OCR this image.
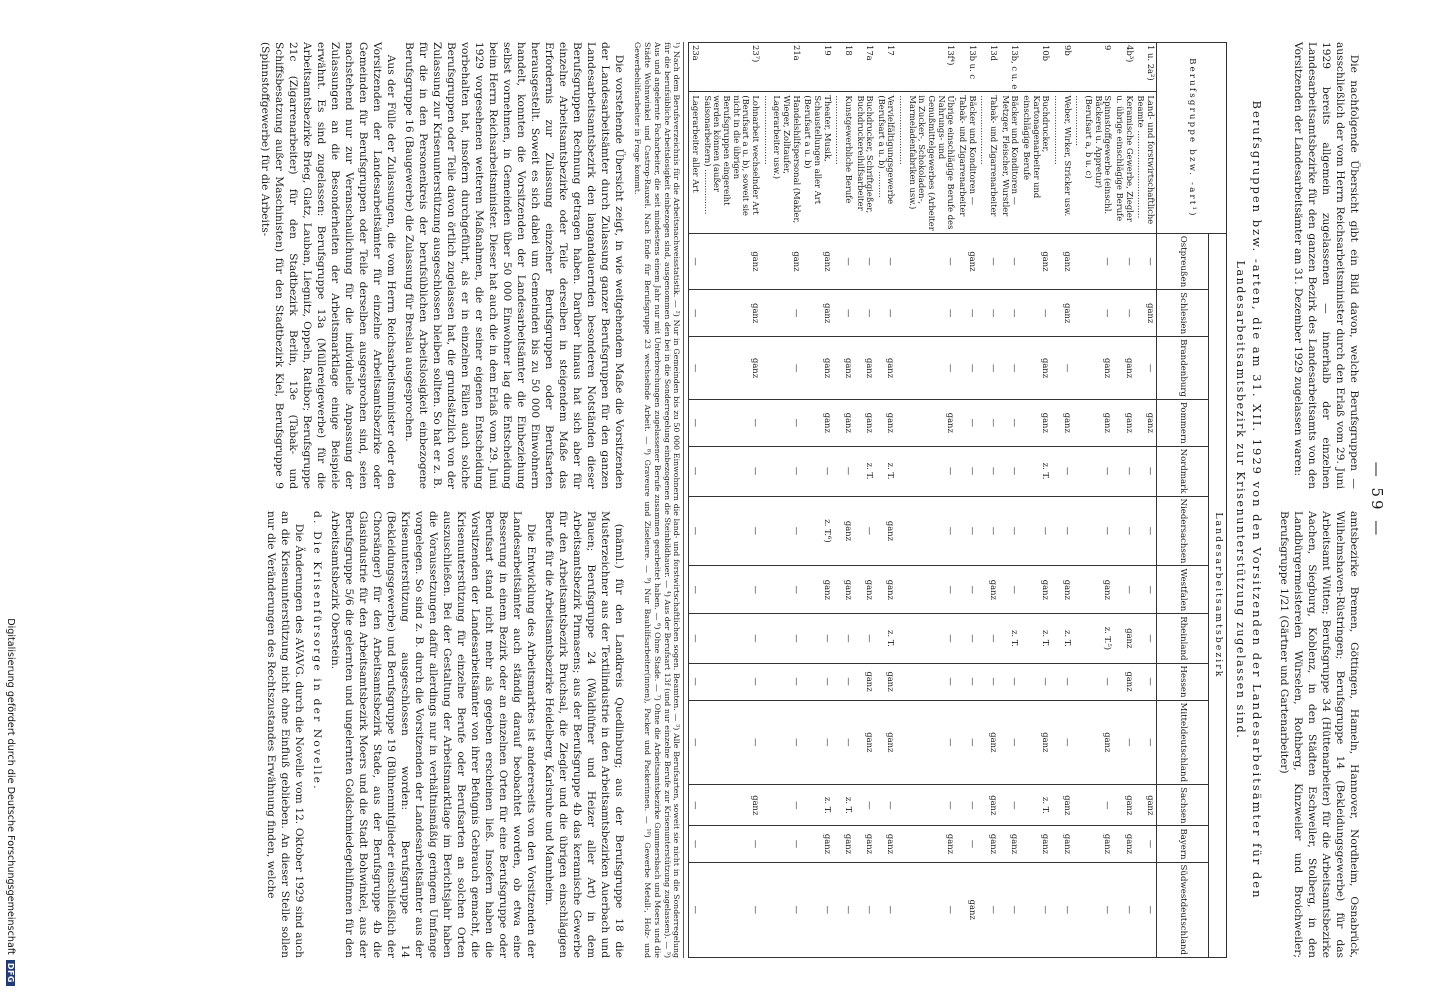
— 59 —

Die nachfolgende Übersicht gibt ein Bild davon, welche Berufsgruppen — ausschließlich der vom Herrn Reichsarbeitsminister durch den Erlaß vom 29. Juni 1929 bereits allgemein zugelassenen — innerhalb der einzelnen Landesarbeitsamtsbezirke für den ganzen Bezirk des Landesarbeitsamts von den Vorsitzenden der Landesarbeitsämter am 31. Dezember 1929 zugelassen waren:

amtsbezirke Bremen, Göttingen, Hameln, Hannover, Nordheim, Osnabrück, Wilhelmshaven-Rüstringen; Berufsgruppe 14 (Bekleidungsgewerbe) für das Arbeitsamt Witten; Berufsgruppe 34 (Hüttenarbeiter) für die Arbeitsamtsbezirke Aachen, Siegburg, Koblenz, in den Städten Eschweiler, Stolberg, in den Landbürgermeistereien Würselen, Rothberg, Kinzweiler und Broichweiler; Berufsgruppe 1/21 (Gärtner und Gartenarbeiter)

Berufsgruppen bzw. -arten, die am 31. XII. 1929 von den Vorsitzenden der Landesarbeitsämter für den
Landesarbeitsamtsbezirk zur Krisenunterstützung zugelassen sind.
Berufsgruppe bzw. -art¹)		Landesarbeitsamtsbezirk												
		Ostpreußen	Schlesien	Brandenburg	Pommern	Nordmark	Niedersachsen	Westfalen	Rheinland	Hessen	Mitteldeutschland	Sachsen	Bayern	Südwestdeutschland
1 u. 2a²)	Land- und forstwirtschaftliche Beamte .................................	—	ganz	—	ganz	—	—	—	—	—	—	ganz	—	—
4b³)	Keramische Gewerbe, Ziegler u. übrige einschlägige Berufe	—	—	ganz	ganz	—	—	—	ganz	ganz	—	ganz	ganz	—
9	Spinnstoffgewerbe (einschl. Bäckerei u. Appretur) (Berufsart a, b u. c) ...................	—	—	ganz	ganz	—	—	ganz	z. T.⁵)	—	ganz	—	ganz	—
9b	Weber, Wirker, Stricker usw. ..........................	ganz	ganz	—	ganz	—	—	ganz	z. T.	—	—	ganz	ganz	—
10b	Buchdrucker, Kartonagenarbeiter und einschlägige Berufe	ganz	—	ganz	ganz	z. T.	—	ganz	z. T.	—	ganz	z. T.	ganz	—
13b, c u. e	Bäcker und Konditoren — Metzger, Fleischer, Wurstler	—	—	—	—	—	—	—	z. T.	—	—	—	ganz	—
13d	Tabak- und Zigarrenarbeiter ..........................	—	—	—	—	—	—	ganz	—	—	ganz	ganz	ganz	—
13b u. c	Bäcker und Konditoren — Tabak- und Zigarrenarbeiter	ganz	—	—	—	—	—	—	—	—	—	—	—	ganz
13f⁴)	Übrige einschlägige Berufe des Nahrungs- und Genußmittelgewerbes (Arbeiter in Zucker-, Schokoladen-, Marmeladenfabriken usw.) ..........................	—	—	—	ganz	—	—	—	—	—	—	—	ganz	—
17	Vervielfältigungsgewerbe (Berufsart a u. b) ..........	—	—	ganz	ganz	z. T.	ganz	ganz	z. T.	ganz	ganz	—	ganz	—
17a	Buchdrucker, Schriftgießer, Buchdruckereihilfsarbeiter	—	—	ganz	ganz	z. T.	—	ganz	—	ganz	ganz	—	ganz	—
18	Kunstgewerbliche Berufe ..........................	—	—	ganz	ganz	—	ganz	ganz	—	—	—	z. T.	ganz	—
19	Theater, Musik, Schaustellungen aller Art (Berufsart a u. b)	ganz	ganz	ganz	ganz	—	z. T.⁶)	ganz	—	—	—	z. T.	ganz	—
21a	Handelshilfspersonal (Makler, Wieger, Zolltaufer, Lagerarbeiter usw.) ..........................	ganz	—	—	—	—	—	—	—	—	—	—	—	—
23⁷)	Lohnarbeit wechselnder Art (Berufsart a u. b), soweit sie nicht in die übrigen Berufsgruppen eingereiht werden können (außer Saisonarbeitern) .................	ganz	ganz	ganz	—	—	—	—	—	—	—	ganz	—	—
23a	Lagerarbeiter aller Art	—	—	—	—	—	—	—	—	—	—	—	—	—
¹) Nach dem Berufsverzeichnis für die Arbeitsnachweisstatistik. — ²) Nur in Gemeinden bis zu 50 000 Einwohnern die land- und forstwirtschaftlichen sogen. Beamten. — ³) Alle Berufsarten, soweit sie nicht in die Sonderregelung für die berufsübliche Arbeitslosigkeit einbezogen sind, ausgenommen den bei in die Sonderregelung einbezogenen die Steinbildhauer. — ⁴) Aus der Berufsart 13f (und nur einzelne Berufe zur Krisenunterstützung zugelassen). — ⁵) Aus und angelernte Facharbeiter, die seit mindestens einem Jahr nur mit Unterbrechungen zugelassener Berufe zusammen gearbeitet haben. — ⁶) Ohne Stade. — ⁷) Ohne die Arbeitsamtsbezirke Gummersbach und Moers und die Städte Wohnwinkel und Castrop-Rauxel. Nach Ende für Berufsgruppe 23 wechselnde Arbeit. — ⁸) Graveure und Ziseleure. — ⁹) Nur Bauhilfsarbeiter(innen), Packer und Packerinnen. — ¹⁰) Gewerbe Metall-, Holz- und Gewerbehilfsarbeiter in Frage kommt.

Die vorstehende Übersicht zeigt, in wie weitgehendem Maße die Vorsitzenden der Landesarbeitsämter durch Zulassung ganzer Berufsgruppen für den ganzen Landesarbeitsamtsbezirk den langandauernden besonderen Notständen dieser Berufsgruppen Rechnung getragen haben. Darüber hinaus hat sich aber für einzelne Arbeitsamtsbezirke oder Teile derselben in steigendem Maße das Erfordernis zur Zulassung einzelner Berufsgruppen oder Berufsarten herausgestellt. Soweit es sich dabei um Gemeinden bis zu 50 000 Einwohnern handelt, konnten die Vorsitzenden der Landesarbeitsämter die Einbeziehung selbst vornehmen, in Gemeinden über 50 000 Einwohner lag die Entscheidung beim Herrn Reichsarbeitsminister. Dieser hat auch die in dem Erlaß vom 29. Juni 1929 vorgesehenen weiteren Maßnahmen, die er seiner eigenen Entscheidung vorbehalten hat, insofern durchgeführt, als er in einzelnen Fällen auch solche Berufsgruppen oder Teile davon örtlich zugelassen hat, die grundsätzlich von der Zulassung zur Krisenunterstützung ausgeschlossen bleiben sollten. So hat er z. B. für die in den Personenkreis der berufsüblichen Arbeitslosigkeit einbezogene Berufsgruppe 16 (Baugewerbe) die Zulassung für Breslau ausgesprochen.

Aus der Fülle der Zulassungen, die vom Herrn Reichsarbeitsminister oder den Vorsitzenden der Landesarbeitsämter für einzelne Arbeitsamtsbezirke oder Gemeinden für Berufsgruppen oder Teile derselben ausgesprochen sind, seien nachstehend nur zur Veranschaulichung für die individuelle Anpassung der Zulassungen an die Besonderheiten der Arbeitsmarktlage einige Beispiele erwähnt. Es sind zugelassen: Berufsgruppe 13a (Müllereigewerbe) für die Arbeitsamtsbezirke Brieg, Glatz, Lauban, Liegnitz, Oppeln, Ratibor; Berufsgruppe 21c (Zigarrenarbeiter) für den Stadtbezirk Berlin, 13e (Tabak- und Schiffsbesatzung außer Maschinisten) für den Stadtbezirk Kiel, Berufsgruppe 9 (Spinnstoffgewerbe) für die Arbeits-

(männl.) für den Landkreis Quedlinburg; aus der Berufsgruppe 18 die Musterzeichner aus der Textilindustrie in den Arbeitsamtsbezirken Auerbach und Plauen; Berufsgruppe 24 (Waldhüfner und Heizer aller Art) in dem Arbeitsamtsbezirk Pirmasens; aus der Berufsgruppe 4b das keramische Gewerbe für den Arbeitsamtsbezirk Bruchsal, die Ziegler und die übrigen einschlägigen Berufe für die Arbeitsamtsbezirke Heidelberg, Karlsruhe und Mannheim.

Die Entwicklung des Arbeitsmarktes ist andererseits von den Vorsitzenden der Landesarbeitsämter auch ständig darauf beobachtet worden, ob etwa eine Besserung in einem Bezirk oder an einzelnen Orten für eine Berufsgruppe oder Berufsart stand nicht mehr als gegeben erscheinen ließ. Insofern haben die Vorsitzenden der Landesarbeitsämter von ihrer Befugnis Gebrauch gemacht, die Krisenunterstützung für einzelne Berufe oder Berufsarten an solchen Orten auszuschließen. Bei der Gestaltung der Arbeitsmarktlage im Berichtsjahr haben die Voraussetzungen dafür allerdings nur in verhältnismäßig geringem Umfange vorgelegen. So sind z. B. durch die Vorsitzenden der Landesarbeitsämter aus der Krisenunterstützung ausgeschlossen worden: Berufsgruppe 14 (Bekleidungsgewerbe) und Berufsgruppe 19 (Bühnenmitglieder einschließlich der Chorsänger) für den Arbeitsamtsbezirk Stade, aus der Berufsgruppe 4b die Glasindustrie für den Arbeitsamtsbezirk Moers und die Stadt Bohwinkel, aus der Berufsgruppe 5/6 die gelernten und ungelernten Goldschmiedegehilfinnen für den Arbeitsamtsbezirk Oberstein.

d. Die Krisenfürsorge in der Novelle.

Die Änderungen des AVAVG. durch die Novelle vom 12. Oktober 1929 sind auch an die Krisenunterstützung nicht ohne Einfluß geblieben. An dieser Stelle sollen nur die Veränderungen des Rechtszustandes Erwähnung finden, welche

Digitalisierung gefördert durch die Deutsche Forschungsgemeinschaft
DFG
